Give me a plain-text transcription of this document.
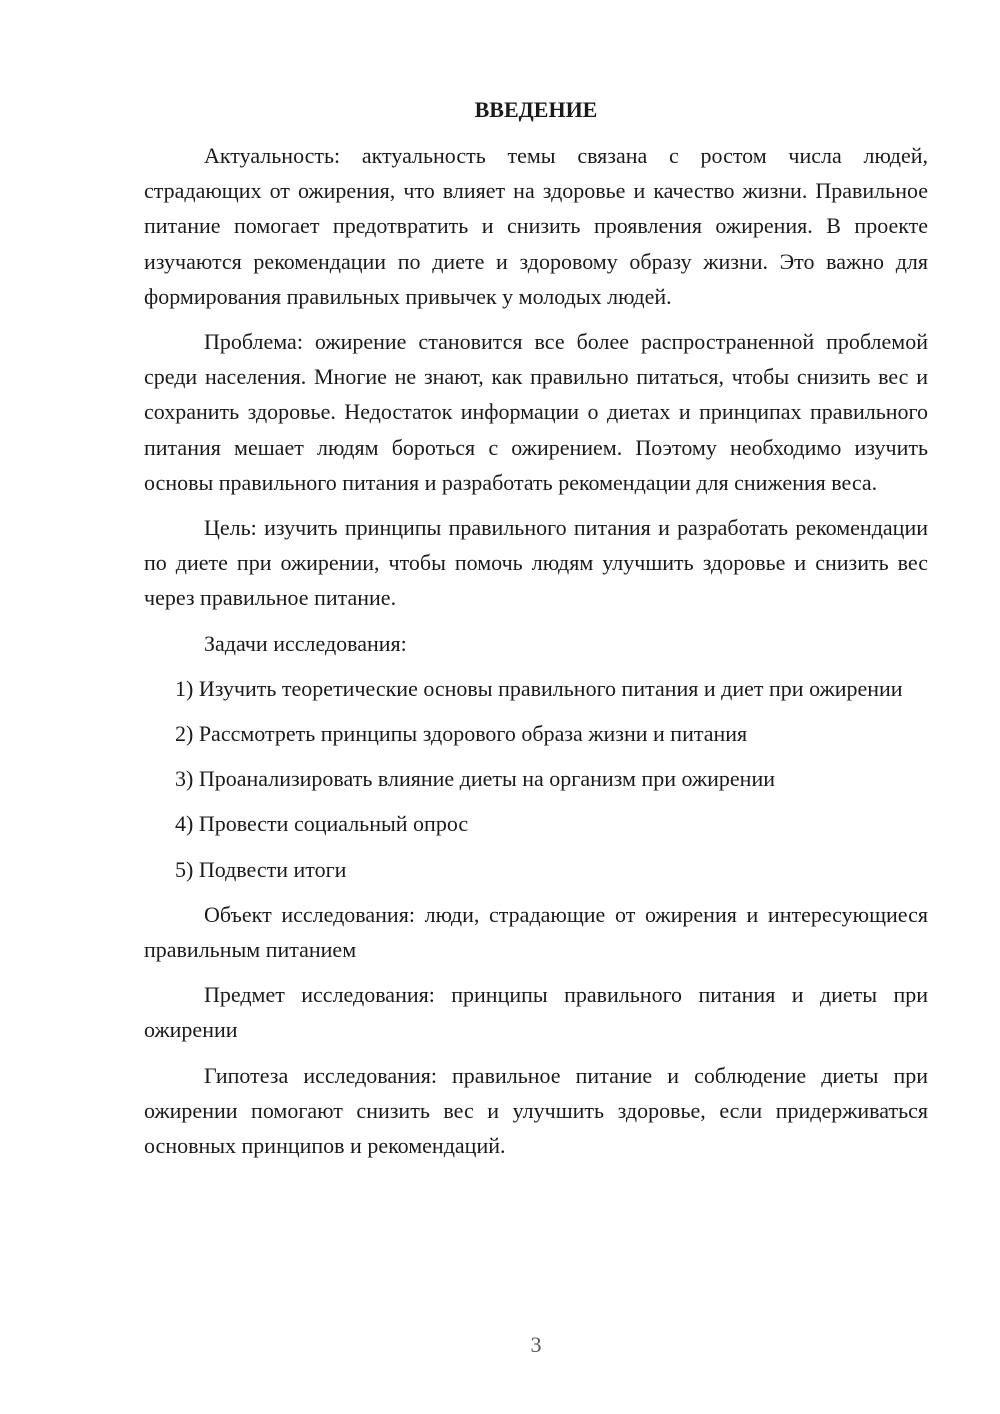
ВВЕДЕНИЕ

Актуальность: актуальность темы связана с ростом числа людей, страдающих от ожирения, что влияет на здоровье и качество жизни. Правильное питание помогает предотвратить и снизить проявления ожирения. В проекте изучаются рекомендации по диете и здоровому образу жизни. Это важно для формирования правильных привычек у молодых людей.

Проблема: ожирение становится все более распространенной проблемой среди населения. Многие не знают, как правильно питаться, чтобы снизить вес и сохранить здоровье. Недостаток информации о диетах и принципах правильного питания мешает людям бороться с ожирением. Поэтому необходимо изучить основы правильного питания и разработать рекомендации для снижения веса.

Цель: изучить принципы правильного питания и разработать рекомендации по диете при ожирении, чтобы помочь людям улучшить здоровье и снизить вес через правильное питание.

Задачи исследования:

1) Изучить теоретические основы правильного питания и диет при ожирении

2) Рассмотреть принципы здорового образа жизни и питания

3) Проанализировать влияние диеты на организм при ожирении

4) Провести социальный опрос

5) Подвести итоги

Объект исследования: люди, страдающие от ожирения и интересующиеся правильным питанием

Предмет исследования: принципы правильного питания и диеты при ожирении

Гипотеза исследования: правильное питание и соблюдение диеты при ожирении помогают снизить вес и улучшить здоровье, если придерживаться основных принципов и рекомендаций.

3
